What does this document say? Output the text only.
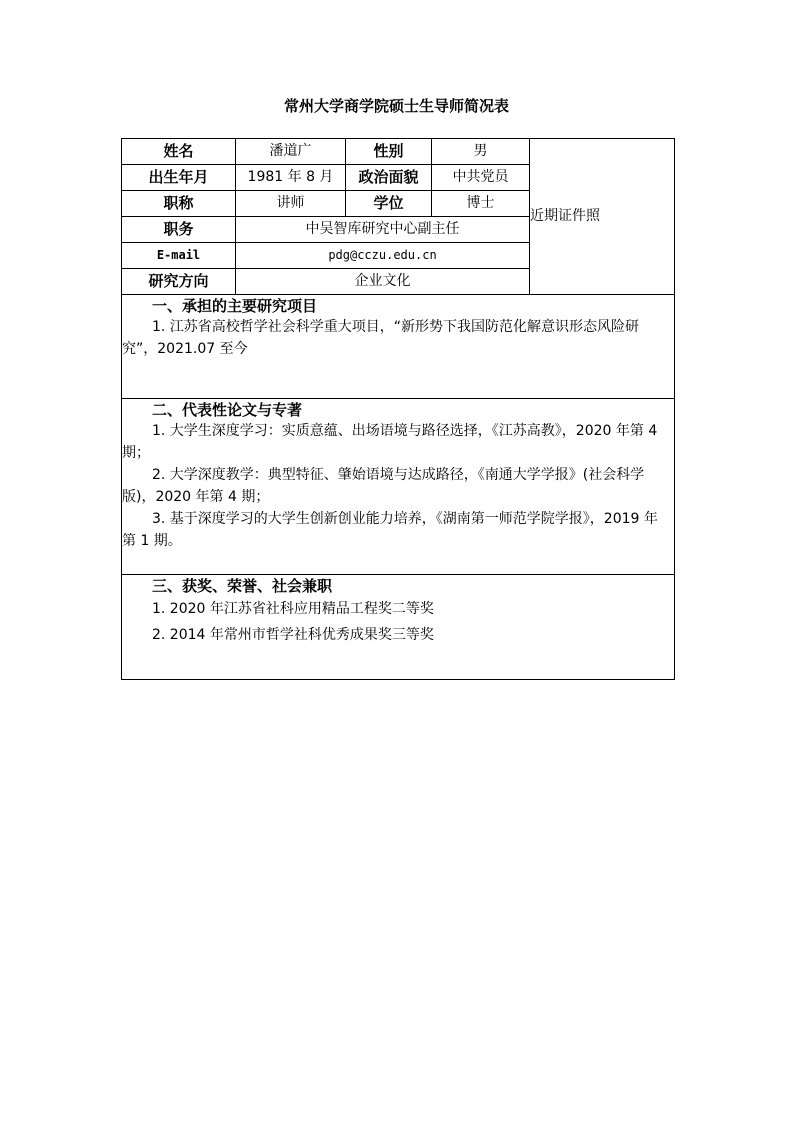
常州大学商学院硕士生导师简况表
姓名	潘道广	性别	男	近期证件照
出生年月	1981 年 8 月	政治面貌	中共党员	
职称	讲师	学位	博士	
职务	中吴智库研究中心副主任			
E-mail	pdg@cczu.edu.cn			
研究方向	企业文化			

一、承担的主要研究项目

1. 江苏省高校哲学社会科学重大项目，“新形势下我国防范化解意识形态风险研究”，2021.07 至今				

二、代表性论文与专著

1. 大学生深度学习：实质意蕴、出场语境与路径选择，《江苏高教》，2020 年第 4 期；

2. 大学深度教学：典型特征、肇始语境与达成路径，《南通大学学报》(社会科学版)，2020 年第 4 期；

3. 基于深度学习的大学生创新创业能力培养，《湖南第一师范学院学报》，2019 年第 1 期。				

三、获奖、荣誉、社会兼职
1. 2020 年江苏省社科应用精品工程奖二等奖
2. 2014 年常州市哲学社科优秀成果奖三等奖				
